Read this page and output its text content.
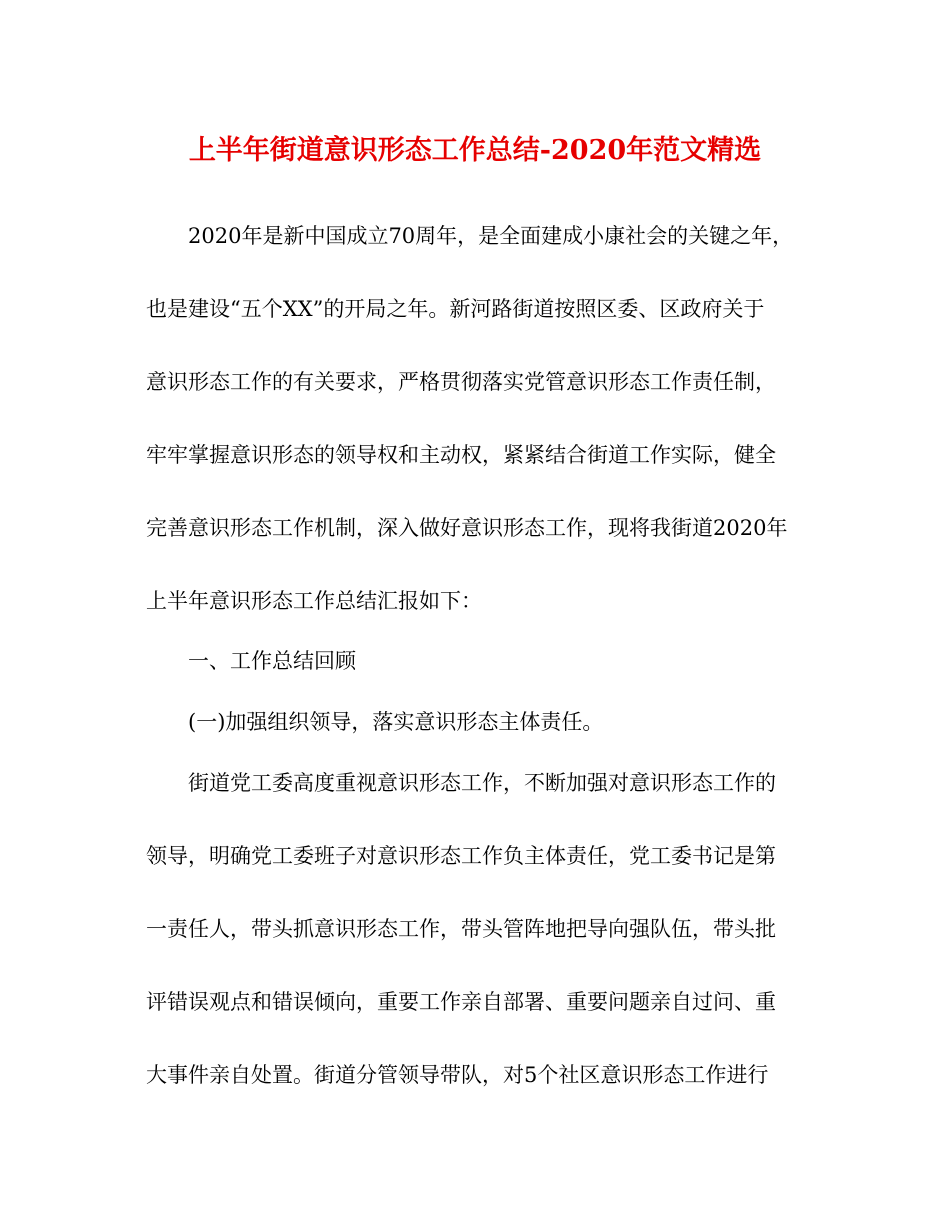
上半年街道意识形态工作总结-2020年范文精选
2020年是新中国成立70周年，是全面建成小康社会的关键之年，
也是建设“五个XX”的开局之年。新河路街道按照区委、区政府关于
意识形态工作的有关要求，严格贯彻落实党管意识形态工作责任制，
牢牢掌握意识形态的领导权和主动权，紧紧结合街道工作实际，健全
完善意识形态工作机制，深入做好意识形态工作，现将我街道2020年
上半年意识形态工作总结汇报如下：
一、工作总结回顾
(一)加强组织领导，落实意识形态主体责任。
街道党工委高度重视意识形态工作，不断加强对意识形态工作的
领导，明确党工委班子对意识形态工作负主体责任，党工委书记是第
一责任人，带头抓意识形态工作，带头管阵地把导向强队伍，带头批
评错误观点和错误倾向，重要工作亲自部署、重要问题亲自过问、重
大事件亲自处置。街道分管领导带队，对5个社区意识形态工作进行
